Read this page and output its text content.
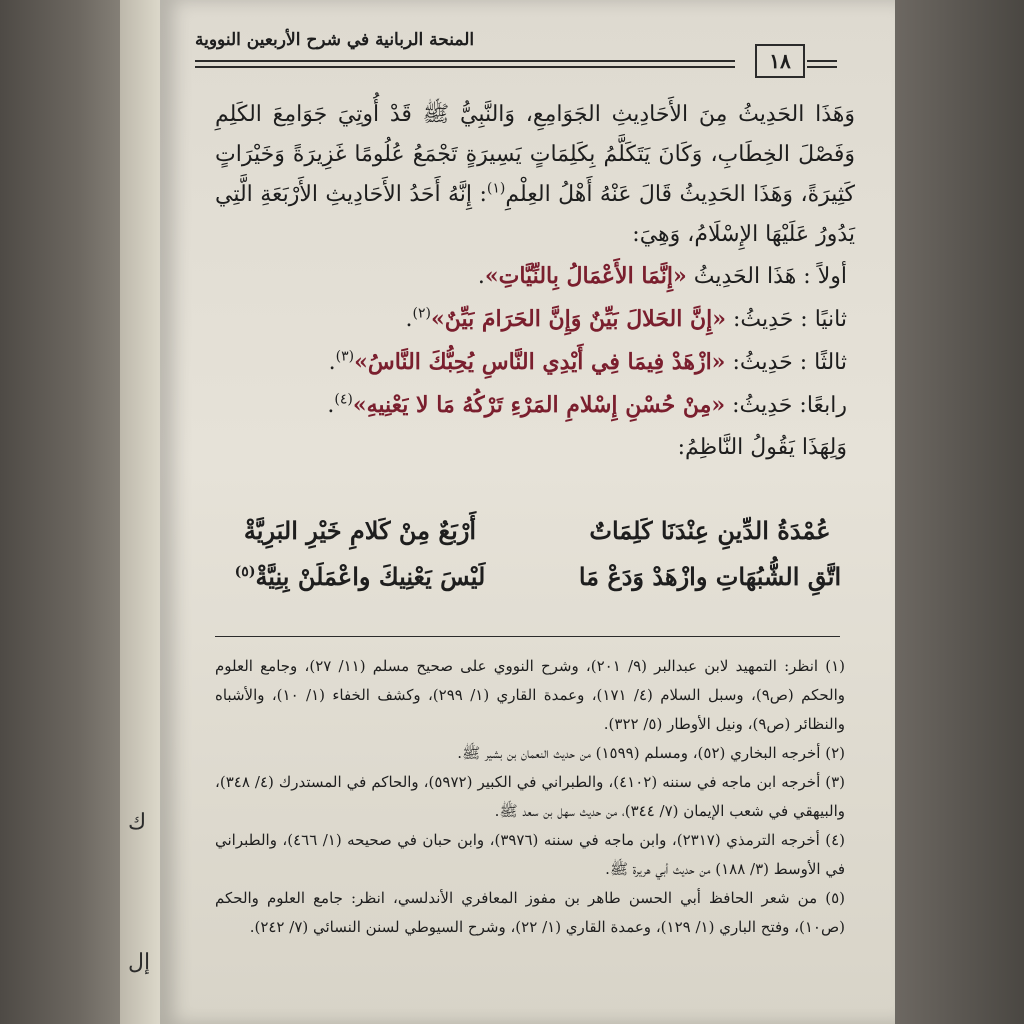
ك
إل
المنحة الربانية في شرح الأربعين النووية
١٨

وَهَذَا الحَدِيثُ مِنَ الأَحَادِيثِ الجَوَامِعِ، وَالنَّبِيُّ ﷺ قَدْ أُوتِيَ جَوَامِعَ الكَلِمِ وَفَصْلَ الخِطَابِ، وَكَانَ يَتَكَلَّمُ بِكَلِمَاتٍ يَسِيرَةٍ تَجْمَعُ عُلُومًا غَزِيرَةً وَخَيْرَاتٍ كَثِيرَةً، وَهَذَا الحَدِيثُ قَالَ عَنْهُ أَهْلُ العِلْمِ$^{(١)}$: إِنَّهُ أَحَدُ الأَحَادِيثِ الأَرْبَعَةِ الَّتِي يَدُورُ عَلَيْهَا الإِسْلَامُ، وَهِيَ:

أولاً : هَذَا الحَدِيثُ «إِنَّمَا الأَعْمَالُ بِالنِّيَّاتِ».

ثانيًا : حَدِيثُ: «إِنَّ الحَلالَ بَيِّنٌ وَإِنَّ الحَرَامَ بَيِّنٌ»$^{(٢)}$.

ثالثًا : حَدِيثُ: «ازْهَدْ فِيمَا فِي أَيْدِي النَّاسِ يُحِبُّكَ النَّاسُ»$^{(٣)}$.

رابعًا: حَدِيثُ: «مِنْ حُسْنِ إِسْلامِ المَرْءِ تَرْكُهُ مَا لا يَعْنِيهِ»$^{(٤)}$.

وَلِهَذَا يَقُولُ النَّاظِمُ:

عُمْدَةُ الدِّينِ عِنْدَنَا كَلِمَاتٌ
أَرْبَعٌ مِنْ كَلامِ خَيْرِ البَرِيَّةْ
اتَّقِ الشُّبُهَاتِ وازْهَدْ وَدَعْ مَا
لَيْسَ يَعْنِيكَ واعْمَلَنْ بِنِيَّةْ$^{(٥)}$

(١) انظر: التمهيد لابن عبدالبر (٩/ ٢٠١)، وشرح النووي على صحيح مسلم (١١/ ٢٧)، وجامع العلوم والحكم (ص٩)، وسبل السلام (٤/ ١٧١)، وعمدة القاري (١/ ٢٩٩)، وكشف الخفاء (١/ ١٠)، والأشباه والنظائر (ص٩)، ونيل الأوطار (٥/ ٣٢٢).

(٢) أخرجه البخاري (٥٢)، ومسلم (١٥٩٩) من حديث النعمان بن بشير ﷺ.

(٣) أخرجه ابن ماجه في سننه (٤١٠٢)، والطبراني في الكبير (٥٩٧٢)، والحاكم في المستدرك (٤/ ٣٤٨)، والبيهقي في شعب الإيمان (٧/ ٣٤٤)، من حديث سهل بن سعد ﷺ.

(٤) أخرجه الترمذي (٢٣١٧)، وابن ماجه في سننه (٣٩٧٦)، وابن حبان في صحيحه (١/ ٤٦٦)، والطبراني في الأوسط (٣/ ١٨٨) من حديث أبي هريرة ﷺ.

(٥) من شعر الحافظ أبي الحسن طاهر بن مفوز المعافري الأندلسي، انظر: جامع العلوم والحكم (ص١٠)، وفتح الباري (١/ ١٢٩)، وعمدة القاري (١/ ٢٢)، وشرح السيوطي لسنن النسائي (٧/ ٢٤٢).
